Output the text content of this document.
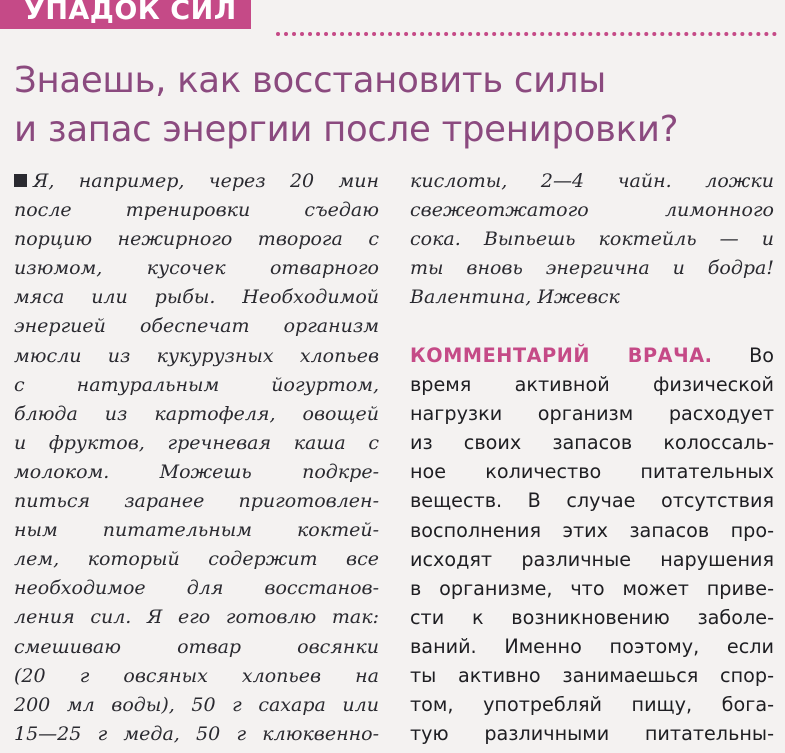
УПАДОК СИЛ
Знаешь, как восстановить силы
и запас энергии после тренировки?
Я, например, через 20 мин
после тренировки съедаю
порцию нежирного творога с
изюмом, кусочек отварного
мяса или рыбы. Необходимой
энергией обеспечат организм
мюсли из кукурузных хлопьев
с натуральным йогуртом,
блюда из картофеля, овощей
и фруктов, гречневая каша с
молоком. Можешь подкре-
питься заранее приготовлен-
ным питательным коктей-
лем, который содержит все
необходимое для восстанов-
ления сил. Я его готовлю так:
смешиваю отвар овсянки
(20 г овсяных хлопьев на
200 мл воды), 50 г сахара или
15—25 г меда, 50 г клюквенно-
кислоты, 2—4 чайн. ложки
свежеотжатого лимонного
сока. Выпьешь коктейль — и
ты вновь энергична и бодра!
Валентина, Ижевск
КОММЕНТАРИЙ ВРАЧА. Во
время активной физической
нагрузки организм расходует
из своих запасов колоссаль-
ное количество питательных
веществ. В случае отсутствия
восполнения этих запасов про-
исходят различные нарушения
в организме, что может приве-
сти к возникновению заболе-
ваний. Именно поэтому, если
ты активно занимаешься спор-
том, употребляй пищу, бога-
тую различными питательны-
